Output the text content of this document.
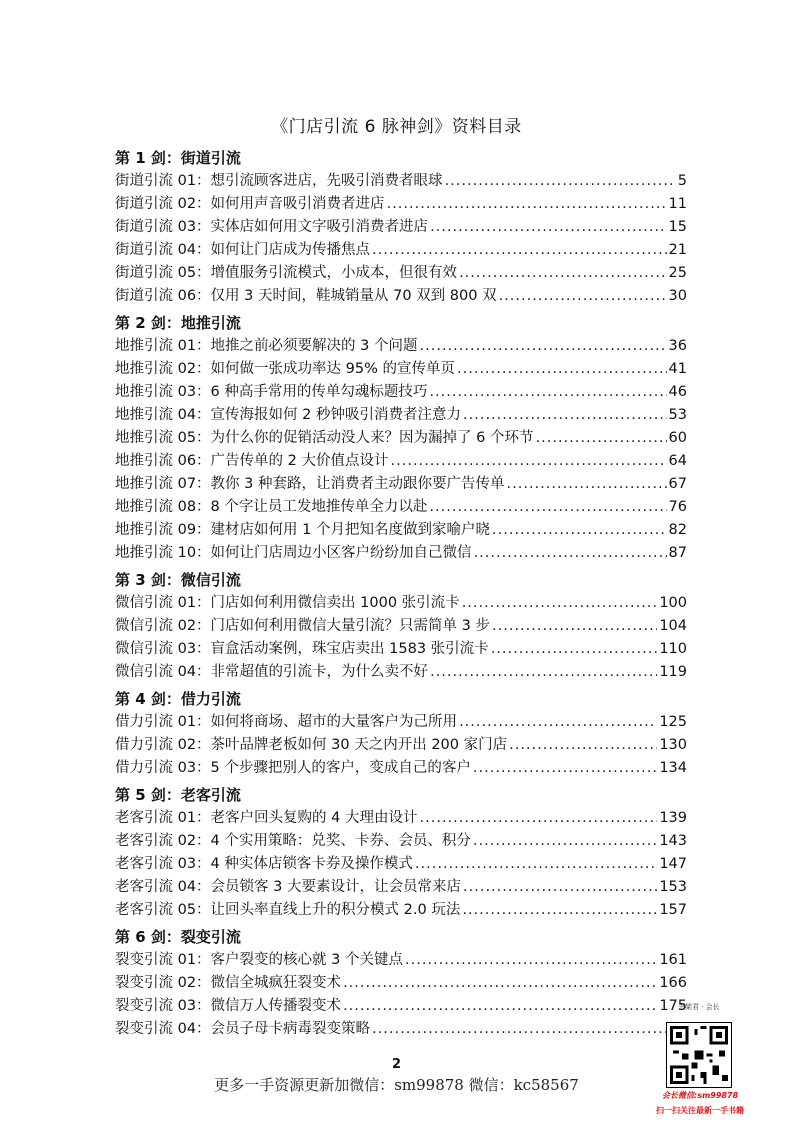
《门店引流 6 脉神剑》资料目录
第 1 剑：街道引流
街道引流 01：想引流顾客进店，先吸引消费者眼球 .....	5
街道引流 02：如何用声音吸引消费者进店 .....	11
街道引流 03：实体店如何用文字吸引消费者进店 .....	15
街道引流 04：如何让门店成为传播焦点 .....	21
街道引流 05：增值服务引流模式，小成本，但很有效 .....	25
街道引流 06：仅用 3 天时间，鞋城销量从 70 双到 800 双 .....	30
第 2 剑：地推引流
地推引流 01：地推之前必须要解决的 3 个问题 .....	36
地推引流 02：如何做一张成功率达 95% 的宣传单页 .....	41
地推引流 03：6 种高手常用的传单勾魂标题技巧 .....	46
地推引流 04：宣传海报如何 2 秒钟吸引消费者注意力 .....	53
地推引流 05：为什么你的促销活动没人来？因为漏掉了 6 个环节 .....	60
地推引流 06：广告传单的 2 大价值点设计 .....	64
地推引流 07：教你 3 种套路，让消费者主动跟你要广告传单 .....	67
地推引流 08：8 个字让员工发地推传单全力以赴 .....	76
地推引流 09：建材店如何用 1 个月把知名度做到家喻户晓 .....	82
地推引流 10：如何让门店周边小区客户纷纷加自己微信 .....	87
第 3 剑：微信引流
微信引流 01：门店如何利用微信卖出 1000 张引流卡 .....	100
微信引流 02：门店如何利用微信大量引流？只需简单 3 步 .....	104
微信引流 03：盲盒活动案例，珠宝店卖出 1583 张引流卡 .....	110
微信引流 04：非常超值的引流卡，为什么卖不好 .....	119
第 4 剑：借力引流
借力引流 01：如何将商场、超市的大量客户为己所用 .....	125
借力引流 02：茶叶品牌老板如何 30 天之内开出 200 家门店 .....	130
借力引流 03：5 个步骤把别人的客户，变成自己的客户 .....	134
第 5 剑：老客引流
老客引流 01：老客户回头复购的 4 大理由设计 .....	139
老客引流 02：4 个实用策略：兑奖、卡券、会员、积分 .....	143
老客引流 03：4 种实体店锁客卡券及操作模式 .....	147
老客引流 04：会员锁客 3 大要素设计，让会员常来店 .....	153
老客引流 05：让回头率直线上升的积分模式 2.0 玩法 .....	157
第 6 剑：裂变引流
裂变引流 01：客户裂变的核心就 3 个关键点 .....	161
裂变引流 02：微信全城疯狂裂变术 .....	166
裂变引流 03：微信万人传播裂变术 .....	175
裂变引流 04：会员子母卡病毒裂变策略
.....
2
更多一手资源更新加微信：sm99878 微信：kc58567
书架君 · 会长
会长微信:sm99878
扫一扫关注最新一手书籍
